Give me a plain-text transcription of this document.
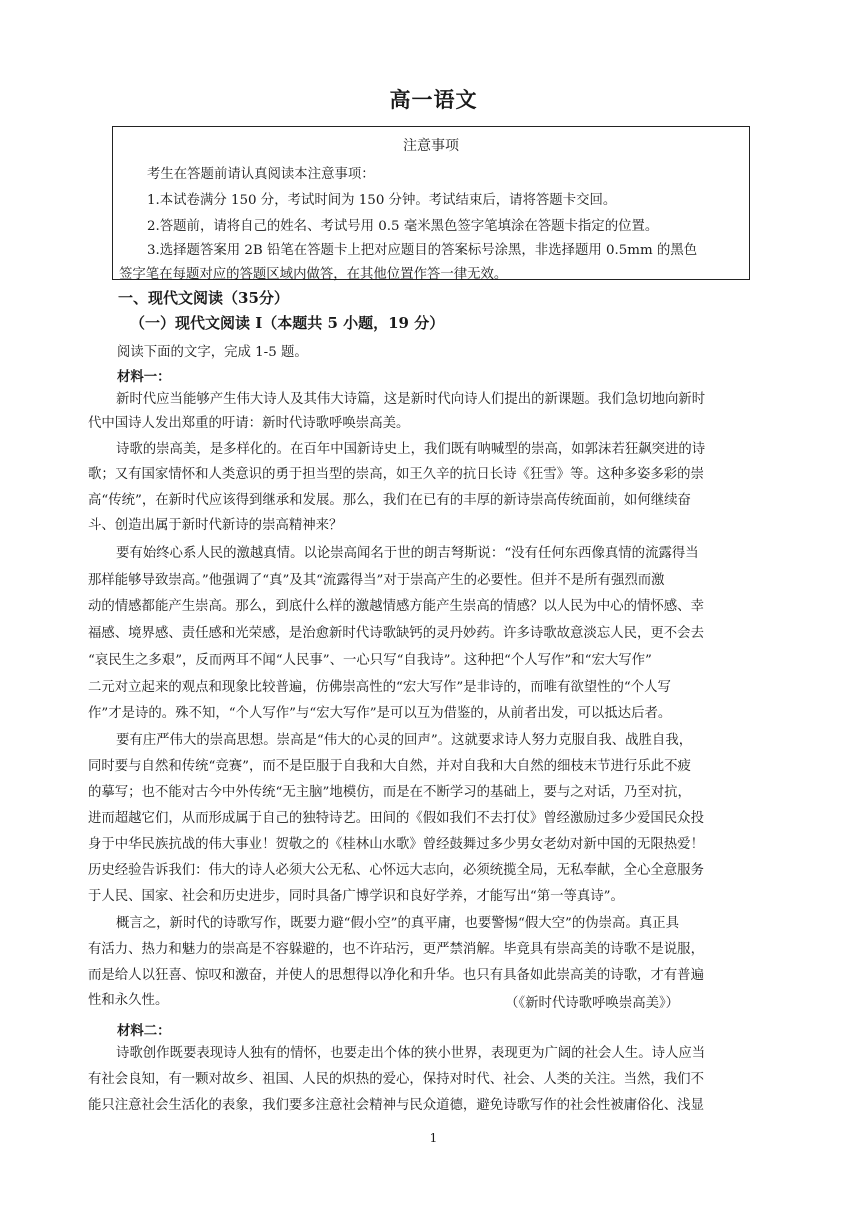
高一语文
注意事项
考生在答题前请认真阅读本注意事项：
1.本试卷满分 150 分，考试时间为 150 分钟。考试结束后，请将答题卡交回。
2.答题前，请将自己的姓名、考试号用 0.5 毫米黑色签字笔填涂在答题卡指定的位置。
3.选择题答案用 2B 铅笔在答题卡上把对应题目的答案标号涂黑，非选择题用 0.5mm 的黑色
签字笔在每题对应的答题区域内做答，在其他位置作答一律无效。
一、现代文阅读（35分）
（一）现代文阅读 I（本题共 5 小题，19 分）
阅读下面的文字，完成 1-5 题。
材料一：
新时代应当能够产生伟大诗人及其伟大诗篇，这是新时代向诗人们提出的新课题。我们急切地向新时
代中国诗人发出郑重的吁请：新时代诗歌呼唤崇高美。
诗歌的崇高美，是多样化的。在百年中国新诗史上，我们既有呐喊型的崇高，如郭沫若狂飙突进的诗
歌；又有国家情怀和人类意识的勇于担当型的崇高，如王久辛的抗日长诗《狂雪》等。这种多姿多彩的崇
高“传统”，在新时代应该得到继承和发展。那么，我们在已有的丰厚的新诗崇高传统面前，如何继续奋
斗、创造出属于新时代新诗的崇高精神来？
要有始终心系人民的激越真情。以论崇高闻名于世的朗吉弩斯说：“没有任何东西像真情的流露得当
那样能够导致崇高。”他强调了“真”及其“流露得当”对于崇高产生的必要性。但并不是所有强烈而激
动的情感都能产生崇高。那么，到底什么样的激越情感方能产生崇高的情感？以人民为中心的情怀感、幸
福感、境界感、责任感和光荣感，是治愈新时代诗歌缺钙的灵丹妙药。许多诗歌故意淡忘人民，更不会去
“哀民生之多艰”，反而两耳不闻“人民事”、一心只写“自我诗”。这种把“个人写作”和“宏大写作”
二元对立起来的观点和现象比较普遍，仿佛崇高性的“宏大写作”是非诗的，而唯有欲望性的“个人写
作”才是诗的。殊不知，“个人写作”与“宏大写作”是可以互为借鉴的，从前者出发，可以抵达后者。
要有庄严伟大的崇高思想。崇高是“伟大的心灵的回声”。这就要求诗人努力克服自我、战胜自我，
同时要与自然和传统“竞赛”，而不是臣服于自我和大自然，并对自我和大自然的细枝末节进行乐此不疲
的摹写；也不能对古今中外传统“无主脑”地模仿，而是在不断学习的基础上，要与之对话，乃至对抗，
进而超越它们，从而形成属于自己的独特诗艺。田间的《假如我们不去打仗》曾经激励过多少爱国民众投
身于中华民族抗战的伟大事业！贺敬之的《桂林山水歌》曾经鼓舞过多少男女老幼对新中国的无限热爱！
历史经验告诉我们：伟大的诗人必须大公无私、心怀远大志向，必须统揽全局，无私奉献，全心全意服务
于人民、国家、社会和历史进步，同时具备广博学识和良好学养，才能写出“第一等真诗”。
概言之，新时代的诗歌写作，既要力避“假小空”的真平庸，也要警惕“假大空”的伪崇高。真正具
有活力、热力和魅力的崇高是不容躲避的，也不许玷污，更严禁消解。毕竟具有崇高美的诗歌不是说服，
而是给人以狂喜、惊叹和激奋，并使人的思想得以净化和升华。也只有具备如此崇高美的诗歌，才有普遍
性和永久性。	（《新时代诗歌呼唤崇高美》）
材料二：
诗歌创作既要表现诗人独有的情怀，也要走出个体的狭小世界，表现更为广阔的社会人生。诗人应当
有社会良知，有一颗对故乡、祖国、人民的炽热的爱心，保持对时代、社会、人类的关注。当然，我们不
能只注意社会生活化的表象，我们要多注意社会精神与民众道德，避免诗歌写作的社会性被庸俗化、浅显
1
